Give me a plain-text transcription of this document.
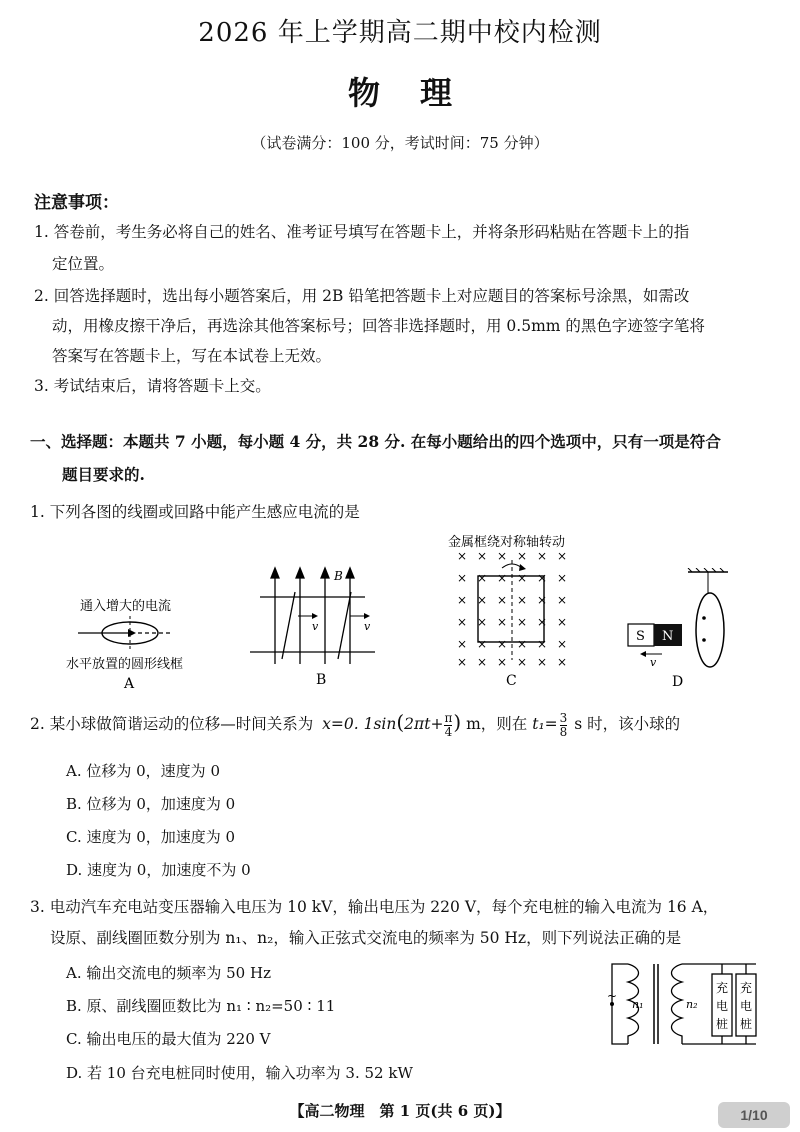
2026 年上学期高二期中校内检测
物理
（试卷满分：100 分，考试时间：75 分钟）
注意事项：
1. 答卷前，考生务必将自己的姓名、准考证号填写在答题卡上，并将条形码粘贴在答题卡上的指
定位置。
2. 回答选择题时，选出每小题答案后，用 2B 铅笔把答题卡上对应题目的答案标号涂黑，如需改
动，用橡皮擦干净后，再选涂其他答案标号；回答非选择题时，用 0.5mm 的黑色字迹签字笔将
答案写在答题卡上，写在本试卷上无效。
3. 考试结束后，请将答题卡上交。
一、选择题：本题共 7 小题，每小题 4 分，共 28 分. 在每小题给出的四个选项中，只有一项是符合
题目要求的.
1. 下列各图的线圈或回路中能产生感应电流的是
通入增大的电流
水平放置的圆形线框
A
v	v
B
B
金属框绕对称轴转动
× × × × × ×
× × × × × ×
× × × × × ×
× × × × × ×
× × × × × ×
× × × × × ×
C
S N
v
D
2. 某小球做简谐运动的位移—时间关系为 x=0. $1\sin(2\pi t+ \frac{\pi}{4}$ ) m，则在 $t_1= \frac{3}{8}$ s 时，该小球的
A. 位移为 0，速度为 0
B. 位移为 0，加速度为 0
C. 速度为 0，加速度为 0
D. 速度为 0，加速度不为 0
3. 电动汽车充电站变压器输入电压为 10 kV，输出电压为 220 V，每个充电桩的输入电流为 16 A，
设原、副线圈匝数分别为 n₁、n₂，输入正弦式交流电的频率为 50 Hz，则下列说法正确的是
A. 输出交流电的频率为 50 Hz
B. 原、副线圈匝数比为 n₁ ∶ n₂=50 ∶ 11
C. 输出电压的最大值为 220 V
D. 若 10 台充电桩同时使用，输入功率为 3. 52 kW
~
n₁	n₂
充
电
桩
充
电
桩
【高二物理　第 1 页(共 6 页)】	1/10
